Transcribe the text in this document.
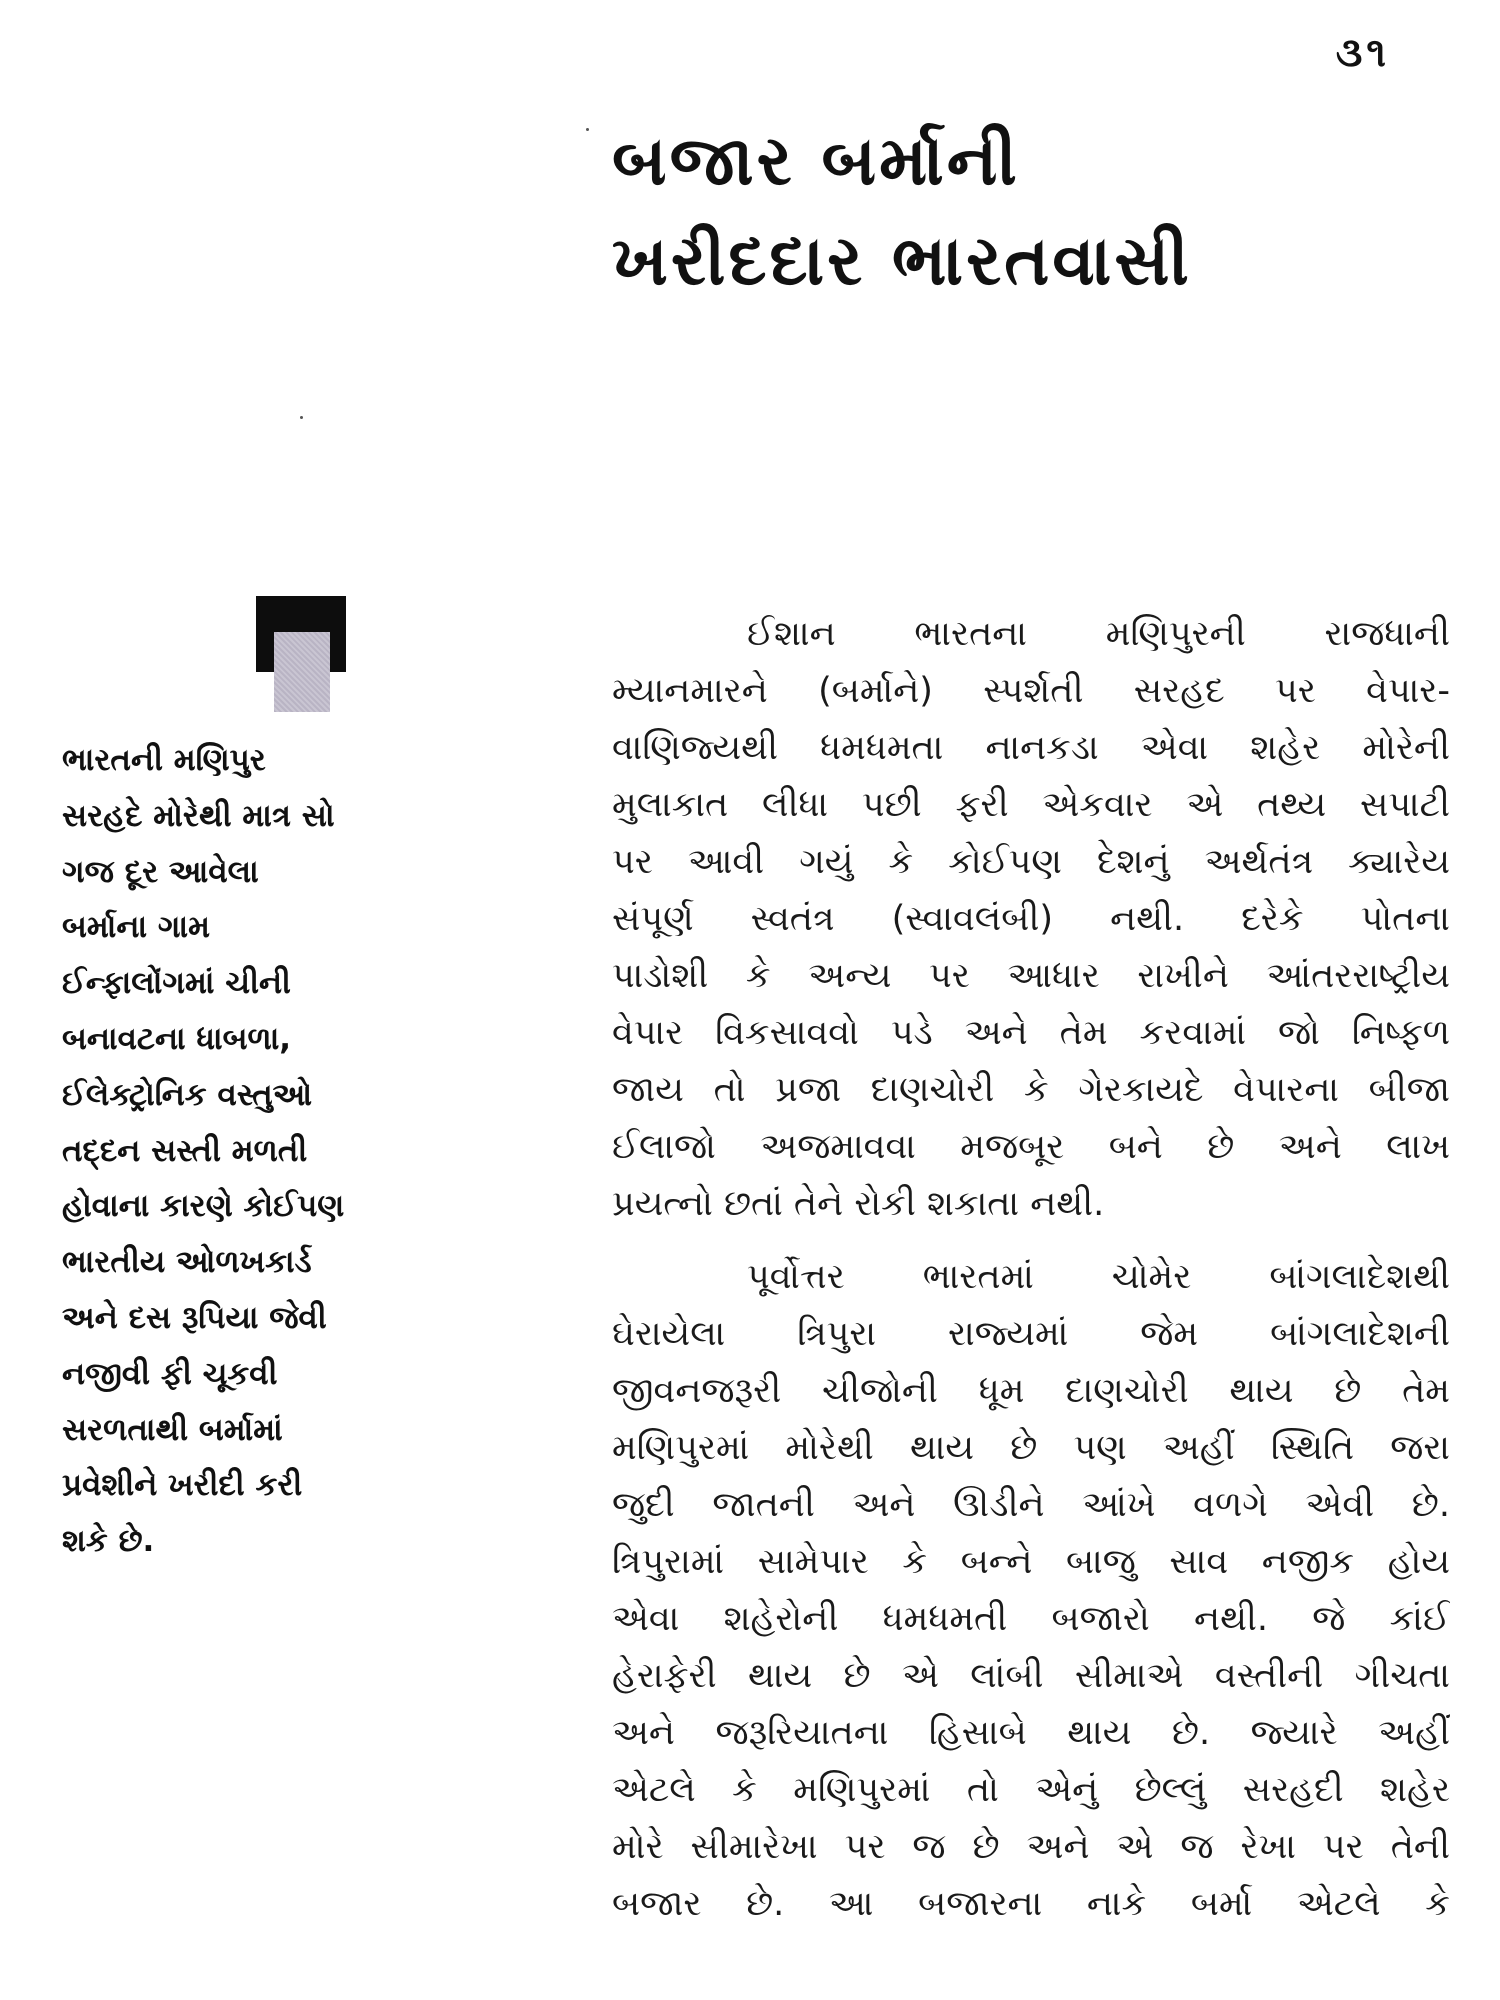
૩૧
બજાર બર્માની
ખરીદદાર ભારતવાસી
ભારતની મણિપુર
સરહદે મોરેથી માત્ર સો
ગજ દૂર આવેલા
બર્માના ગામ
ઈન્ફાલોંગમાં ચીની
બનાવટના ધાબળા,
ઈલેક્ટ્રોનિક વસ્તુઓ
તદ્દન સસ્તી મળતી
હોવાના કારણે કોઈપણ
ભારતીય ઓળખકાર્ડ
અને દસ રૂપિયા જેવી
નજીવી ફી ચૂકવી
સરળતાથી બર્મામાં
પ્રવેશીને ખરીદી કરી
શકે છે.
ઈશાન ભારતના મણિપુરની રાજધાની
મ્યાનમારને (બર્માને) સ્પર્શતી સરહદ પર વેપાર-
વાણિજ્યથી ધમધમતા નાનકડા એવા શહેર મોરેની
મુલાકાત લીધા પછી ફરી એકવાર એ તથ્ય સપાટી
પર આવી ગયું કે કોઈપણ દેશનું અર્થતંત્ર ક્યારેય
સંપૂર્ણ સ્વતંત્ર (સ્વાવલંબી) નથી. દરેકે પોતના
પાડોશી કે અન્ય પર આધાર રાખીને આંતરરાષ્ટ્રીય
વેપાર વિકસાવવો પડે અને તેમ કરવામાં જો નિષ્ફળ
જાય તો પ્રજા દાણચોરી કે ગેરકાયદે વેપારના બીજા
ઈલાજો અજમાવવા મજબૂર બને છે અને લાખ
પ્રયત્નો છતાં તેને રોકી શકાતા નથી.
પૂર્વોત્તર ભારતમાં ચોમેર બાંગલાદેશથી
ઘેરાયેલા ત્રિપુરા રાજ્યમાં જેમ બાંગલાદેશની
જીવનજરૂરી ચીજોની ધૂમ દાણચોરી થાય છે તેમ
મણિપુરમાં મોરેથી થાય છે પણ અહીં સ્થિતિ જરા
જુદી જાતની અને ઊડીને આંખે વળગે એવી છે.
ત્રિપુરામાં સામેપાર કે બન્ને બાજુ સાવ નજીક હોય
એવા શહેરોની ધમધમતી બજારો નથી. જે કાંઈ
હેરાફેરી થાય છે એ લાંબી સીમાએ વસ્તીની ગીચતા
અને જરૂરિયાતના હિસાબે થાય છે. જ્યારે અહીં
એટલે કે મણિપુરમાં તો એનું છેલ્લું સરહદી શહેર
મોરે સીમારેખા પર જ છે અને એ જ રેખા પર તેની
બજાર છે. આ બજારના નાકે બર્મા એટલે કે
